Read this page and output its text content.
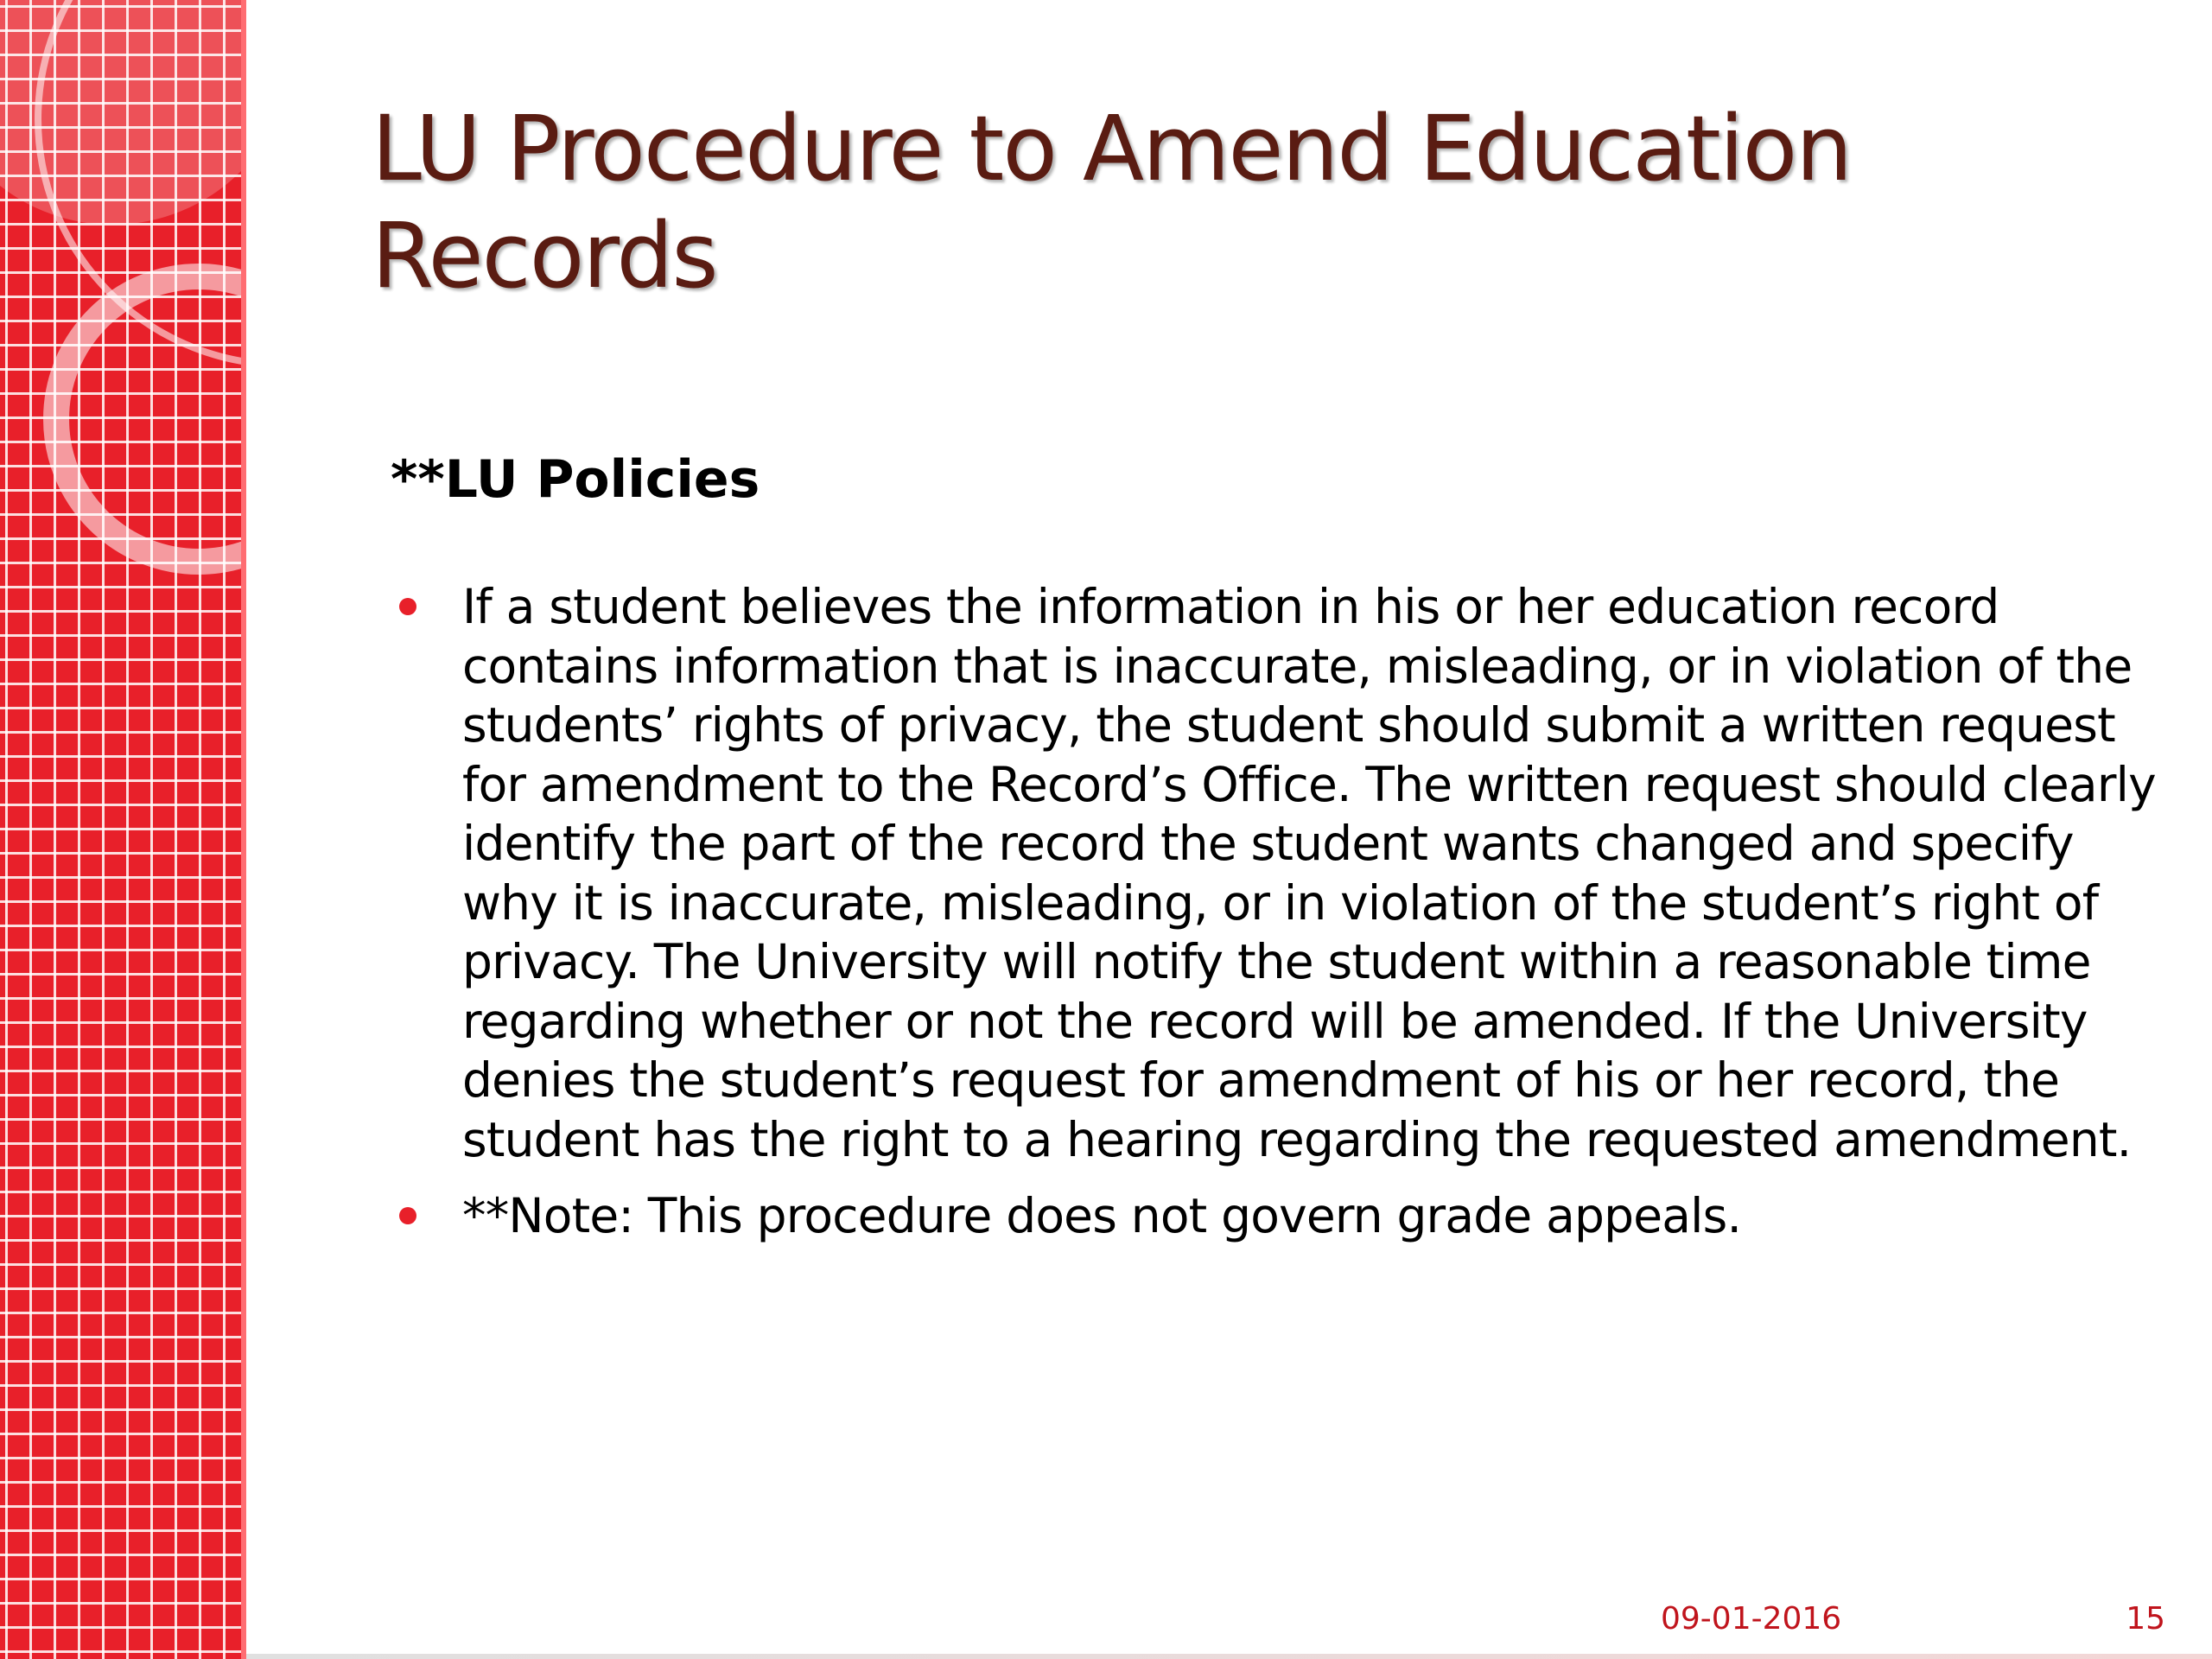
LU Procedure to Amend Education Records

**LU Policies

If a student believes the information in his or her education record contains information that is inaccurate, misleading, or in violation of the students’ rights of privacy, the student should submit a written request for amendment to the Record’s Office. The written request should clearly identify the part of the record the student wants changed and specify why it is inaccurate, misleading, or in violation of the student’s right of privacy. The University will notify the student within a reasonable time regarding whether or not the record will be amended. If the University denies the student’s request for amendment of his or her record, the student has the right to a hearing regarding the requested amendment.
**Note: This procedure does not govern grade appeals.
09-01-2016	15
